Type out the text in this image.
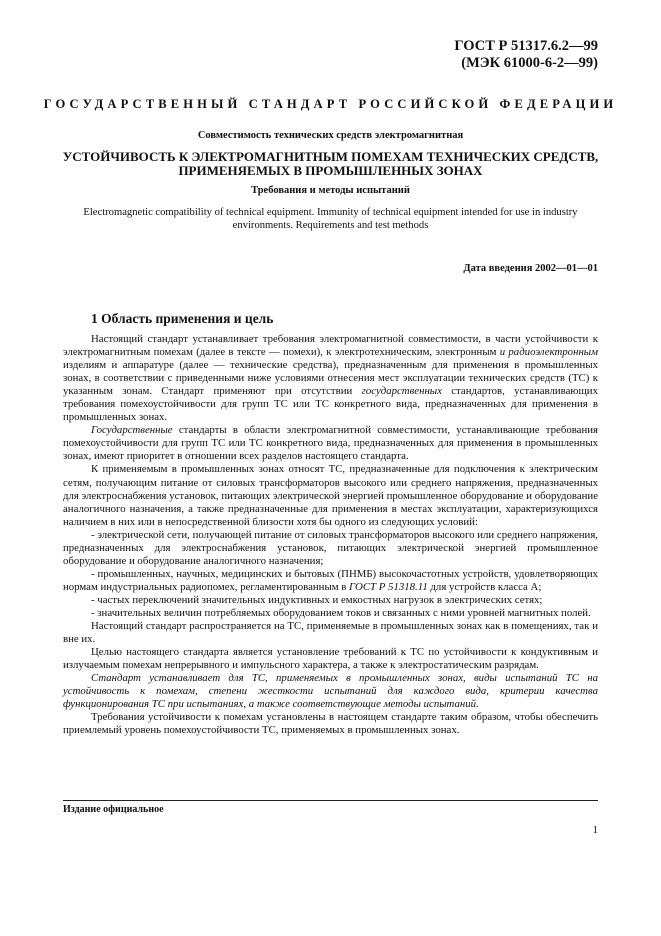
ГОСТ Р 51317.6.2—99
(МЭК 61000-6-2—99)
ГОСУДАРСТВЕННЫЙ СТАНДАРТ РОССИЙСКОЙ ФЕДЕРАЦИИ
Совместимость технических средств электромагнитная
УСТОЙЧИВОСТЬ К ЭЛЕКТРОМАГНИТНЫМ ПОМЕХАМ ТЕХНИЧЕСКИХ СРЕДСТВ,
ПРИМЕНЯЕМЫХ В ПРОМЫШЛЕННЫХ ЗОНАХ
Требования и методы испытаний
Electromagnetic compatibility of technical equipment. Immunity of technical equipment intended for use in industry environments. Requirements and test methods
Дата введения 2002—01—01
1 Область применения и цель

Настоящий стандарт устанавливает требования электромагнитной совместимости, в части устойчивости к электромагнитным помехам (далее в тексте — помехи), к электротехническим, электронным и радиоэлектронным изделиям и аппаратуре (далее — технические средства), предназначенным для применения в промышленных зонах, в соответствии с приведенными ниже условиями отнесения мест эксплуатации технических средств (ТС) к указанным зонам. Стандарт применяют при отсутствии государственных стандартов, устанавливающих требования помехоустойчивости для групп ТС или ТС конкретного вида, предназначенных для применения в промышленных зонах.

Государственные стандарты в области электромагнитной совместимости, устанавливающие требования помехоустойчивости для групп ТС или ТС конкретного вида, предназначенных для применения в промышленных зонах, имеют приоритет в отношении всех разделов настоящего стандарта.

К применяемым в промышленных зонах относят ТС, предназначенные для подключения к электрическим сетям, получающим питание от силовых трансформаторов высокого или среднего напряжения, предназначенных для электроснабжения установок, питающих электрической энергией промышленное оборудование и оборудование аналогичного назначения, а также предназначенные для применения в местах эксплуатации, характеризующихся наличием в них или в непосредственной близости хотя бы одного из следующих условий:

- электрической сети, получающей питание от силовых трансформаторов высокого или среднего напряжения, предназначенных для электроснабжения установок, питающих электрической энергией промышленное оборудование и оборудование аналогичного назначения;

- промышленных, научных, медицинских и бытовых (ПНМБ) высокочастотных устройств, удовлетворяющих нормам индустриальных радиопомех, регламентированным в ГОСТ Р 51318.11 для устройств класса А;

- частых переключений значительных индуктивных и емкостных нагрузок в электрических сетях;

- значительных величин потребляемых оборудованием токов и связанных с ними уровней магнитных полей.

Настоящий стандарт распространяется на ТС, применяемые в промышленных зонах как в помещениях, так и вне их.

Целью настоящего стандарта является установление требований к ТС по устойчивости к кондуктивным и излучаемым помехам непрерывного и импульсного характера, а также к электростатическим разрядам.

Стандарт устанавливает для ТС, применяемых в промышленных зонах, виды испытаний ТС на устойчивость к помехам, степени жесткости испытаний для каждого вида, критерии качества функционирования ТС при испытаниях, а также соответствующие методы испытаний.

Требования устойчивости к помехам установлены в настоящем стандарте таким образом, чтобы обеспечить приемлемый уровень помехоустойчивости ТС, применяемых в промышленных зонах.

Издание официальное
1
